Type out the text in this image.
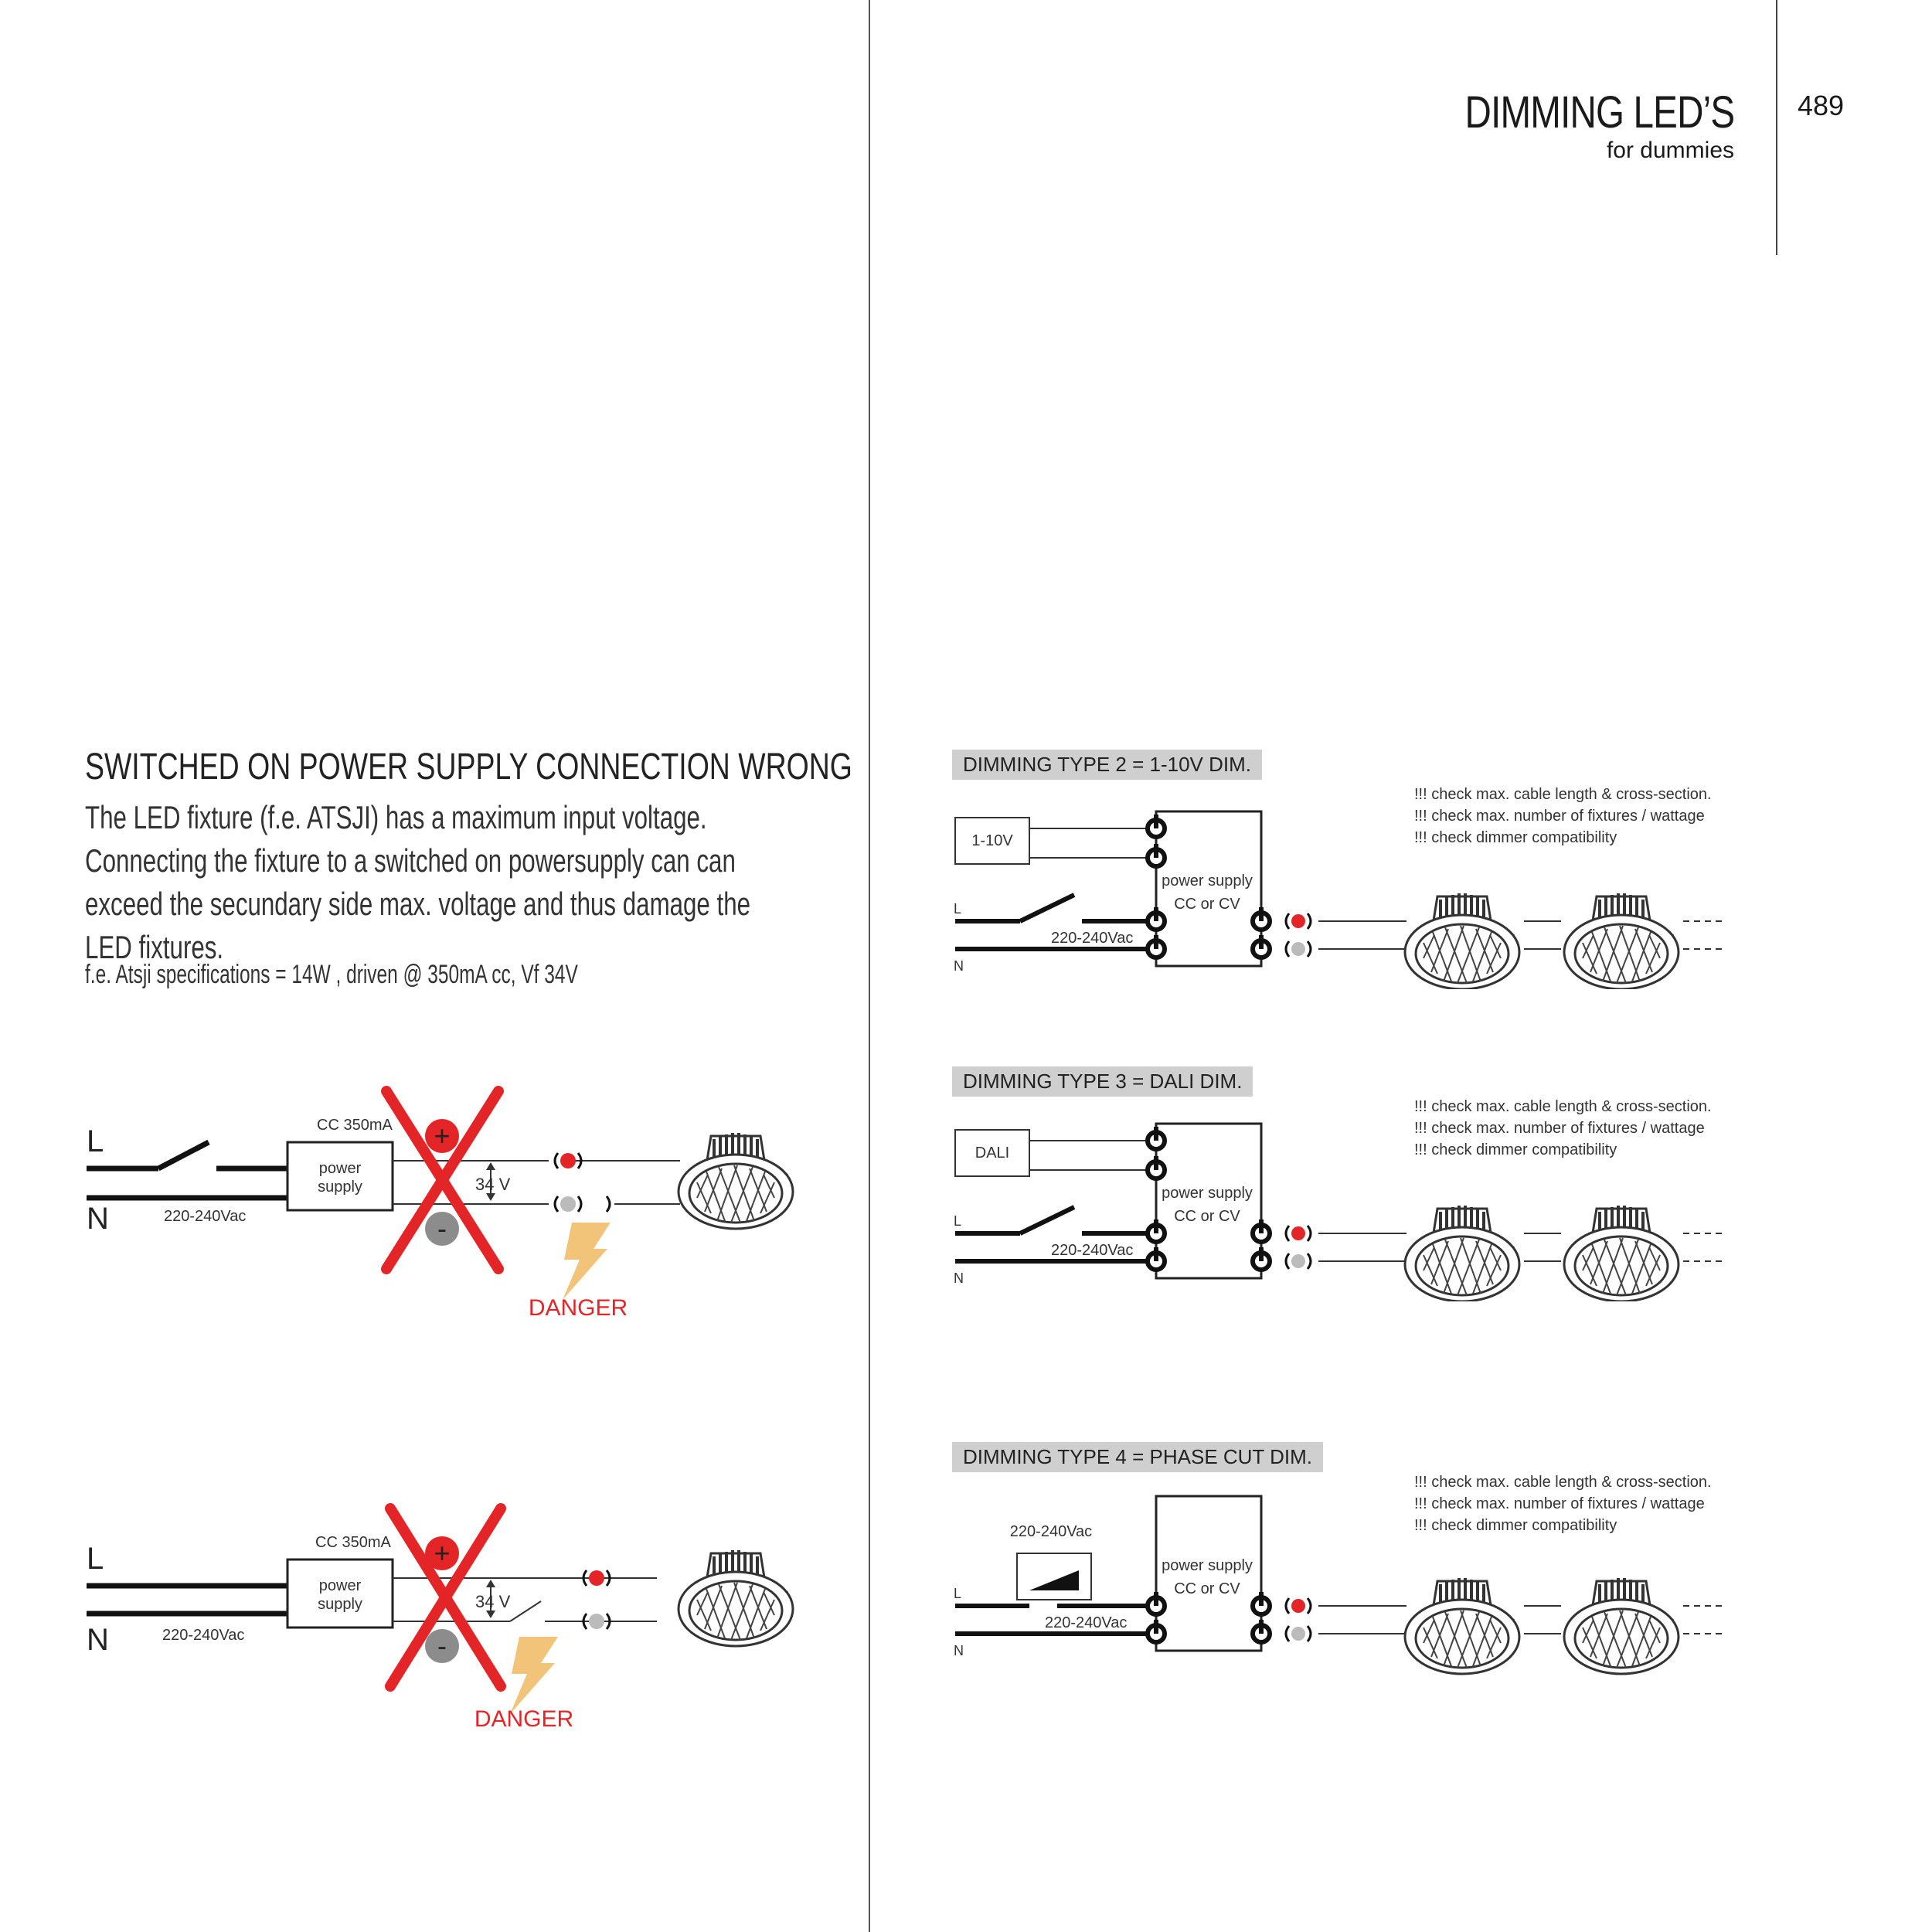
DIMMING LED’S
for dummies
489
SWITCHED ON POWER SUPPLY CONNECTION WRONG
The LED fixture (f.e. ATSJI) has a maximum input voltage. Connecting the fixture to a switched on powersupply can can exceed the secundary side max. voltage and thus damage the LED fixtures.
f.e. Atsji specifications = 14W , driven @ 350mA cc, Vf 34V
L
N	220-240Vac
CC 350mA
power
supply	34 V
+
-
DANGER
L
N	220-240Vac
CC 350mA
power
supply	34 V
+
-
DANGER
DIMMING TYPE 2 = 1-10V DIM.
DIMMING TYPE 3 = DALI DIM.
DIMMING TYPE 4 = PHASE CUT DIM.
!!! check max. cable length & cross-section.
!!! check max. number of fixtures / wattage
!!! check dimmer compatibility
1-10V
L
N
220-240Vac
power supply
CC or CV
!!! check max. cable length & cross-section.
!!! check max. number of fixtures / wattage
!!! check dimmer compatibility
DALI
L
N
220-240Vac
power supply
CC or CV
!!! check max. cable length & cross-section.
!!! check max. number of fixtures / wattage
!!! check dimmer compatibility
220-240Vac
L
N
220-240Vac
power supply
CC or CV
